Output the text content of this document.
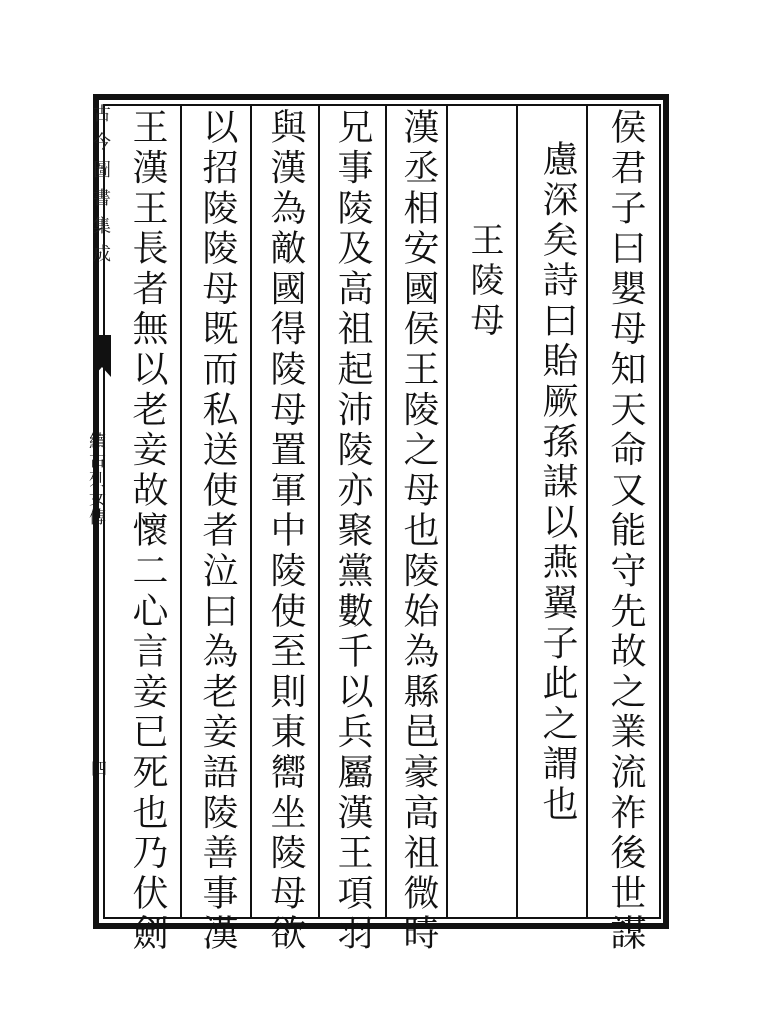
古今圖書集成
續古列女傳
四	侯君子曰嬰母知天命又能守先故之業流祚後世謀
慮深矣詩曰貽厥孫謀以燕翼子此之謂也
王陵母
漢丞相安國侯王陵之母也陵始為縣邑豪高祖微時
兄事陵及高祖起沛陵亦聚黨數千以兵屬漢王項羽
與漢為敵國得陵母置軍中陵使至則東嚮坐陵母欲
以招陵陵母既而私送使者泣曰為老妾語陵善事漢
王漢王長者無以老妾故懷二心言妾已死也乃伏劍
